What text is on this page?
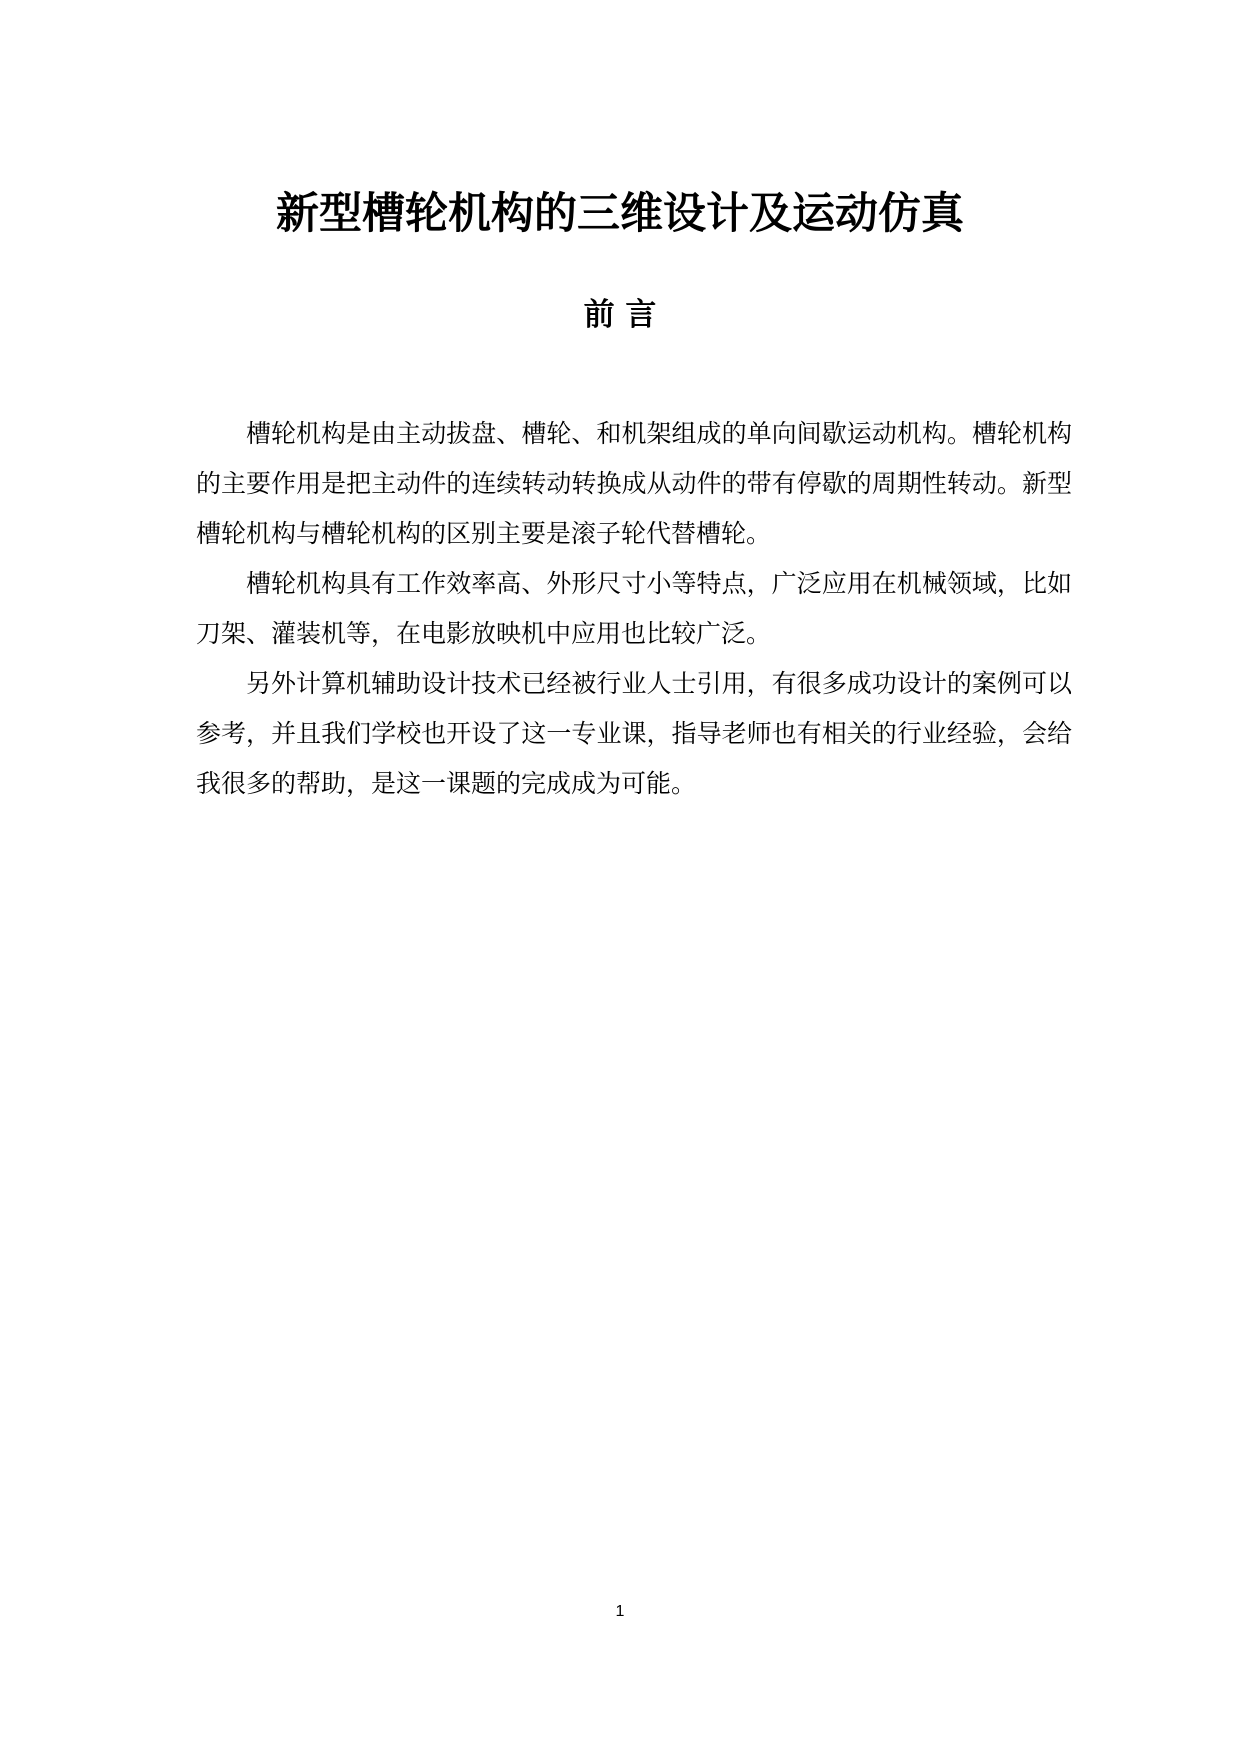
新型槽轮机构的三维设计及运动仿真
前 言

槽轮机构是由主动拔盘、槽轮、和机架组成的单向间歇运动机构。槽轮机构的主要作用是把主动件的连续转动转换成从动件的带有停歇的周期性转动。新型槽轮机构与槽轮机构的区别主要是滚子轮代替槽轮。

槽轮机构具有工作效率高、外形尺寸小等特点，广泛应用在机械领域，比如刀架、灌装机等，在电影放映机中应用也比较广泛。

另外计算机辅助设计技术已经被行业人士引用，有很多成功设计的案例可以参考，并且我们学校也开设了这一专业课，指导老师也有相关的行业经验，会给我很多的帮助，是这一课题的完成成为可能。

1
